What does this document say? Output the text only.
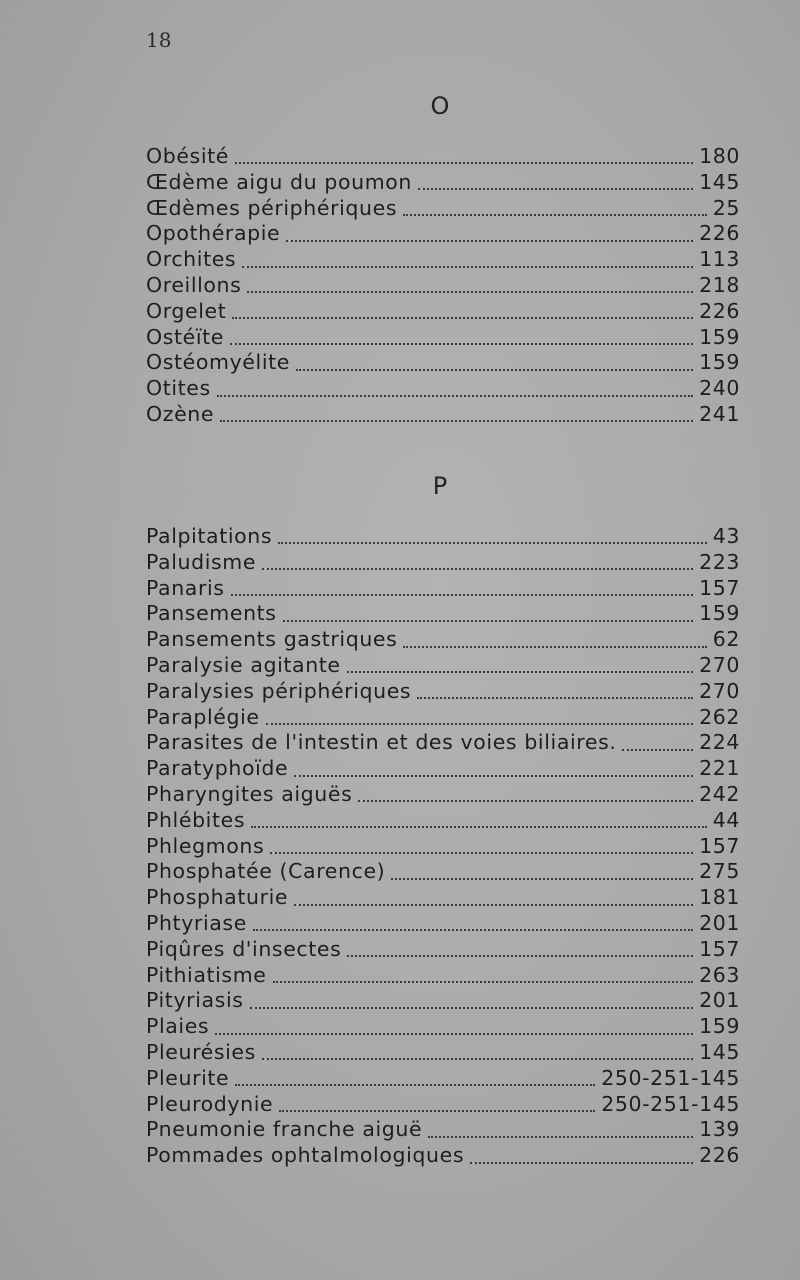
18
O
Obésité	180
Œdème aigu du poumon	145
Œdèmes périphériques	25
Opothérapie	226
Orchites	113
Oreillons	218
Orgelet	226
Ostéïte	159
Ostéomyélite	159
Otites	240
Ozène	241
P
Palpitations	43
Paludisme	223
Panaris	157
Pansements	159
Pansements gastriques	62
Paralysie agitante	270
Paralysies périphériques	270
Paraplégie	262
Parasites de l'intestin et des voies biliaires.	224
Paratyphoïde	221
Pharyngites aiguës	242
Phlébites	44
Phlegmons	157
Phosphatée (Carence)	275
Phosphaturie	181
Phtyriase	201
Piqûres d'insectes	157
Pithiatisme	263
Pityriasis	201
Plaies	159
Pleurésies	145
Pleurite	250-251-145
Pleurodynie	250-251-145
Pneumonie franche aiguë	139
Pommades ophtalmologiques	226
